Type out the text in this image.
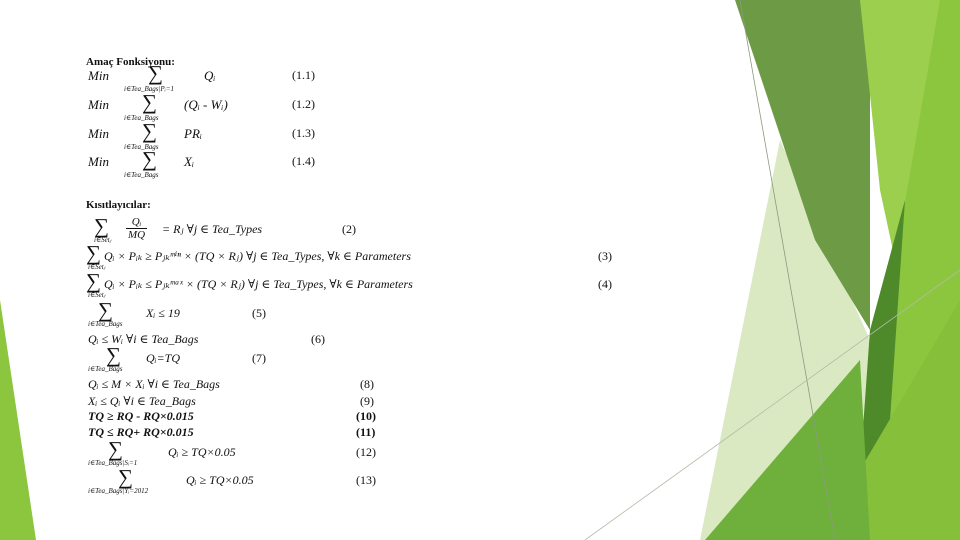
Amaç Fonksiyonu:
Min ∑
i∈Tea_Bags|Pᵢ=1
Qᵢ	(1.1)
Min ∑
i∈Tea_Bags
(Qᵢ - Wᵢ)	(1.2)
Min ∑
i∈Tea_Bags
PRᵢ	(1.3)
Min ∑
i∈Tea_Bags
Xᵢ	(1.4)
Kısıtlayıcılar:
∑
i∈Setⱼ $\frac{\text{Qᵢ}}{MQ}$ = Rⱼ ∀j ∈ Tea_Types	(2)
∑
i∈Setⱼ
Qᵢ × Pᵢₖ ≥ Pⱼₖᵐⁱⁿ × (TQ × Rⱼ) ∀j ∈ Tea_Types, ∀k ∈ Parameters	(3)
∑
i∈Setⱼ
Qᵢ × Pᵢₖ ≤ Pⱼₖᵐᵃˣ × (TQ × Rⱼ) ∀j ∈ Tea_Types, ∀k ∈ Parameters	(4)
∑
i∈Tea_Bags
Xᵢ ≤ 19	(5)
Qᵢ ≤ Wᵢ ∀i ∈ Tea_Bags	(6)
∑
i∈Tea_Bags
Qᵢ=TQ	(7)
Qᵢ ≤ M × Xᵢ ∀i ∈ Tea_Bags	(8)
Xᵢ ≤ Qᵢ ∀i ∈ Tea_Bags	(9)
TQ ≥ RQ - RQ×0.015	(10)
TQ ≤ RQ+ RQ×0.015	(11)
∑
i∈Tea_Bags|Sᵢ=1
Qᵢ ≥ TQ×0.05	(12)
∑
i∈Tea_Bags|Yᵢ=2012
Qᵢ ≥ TQ×0.05	(13)
